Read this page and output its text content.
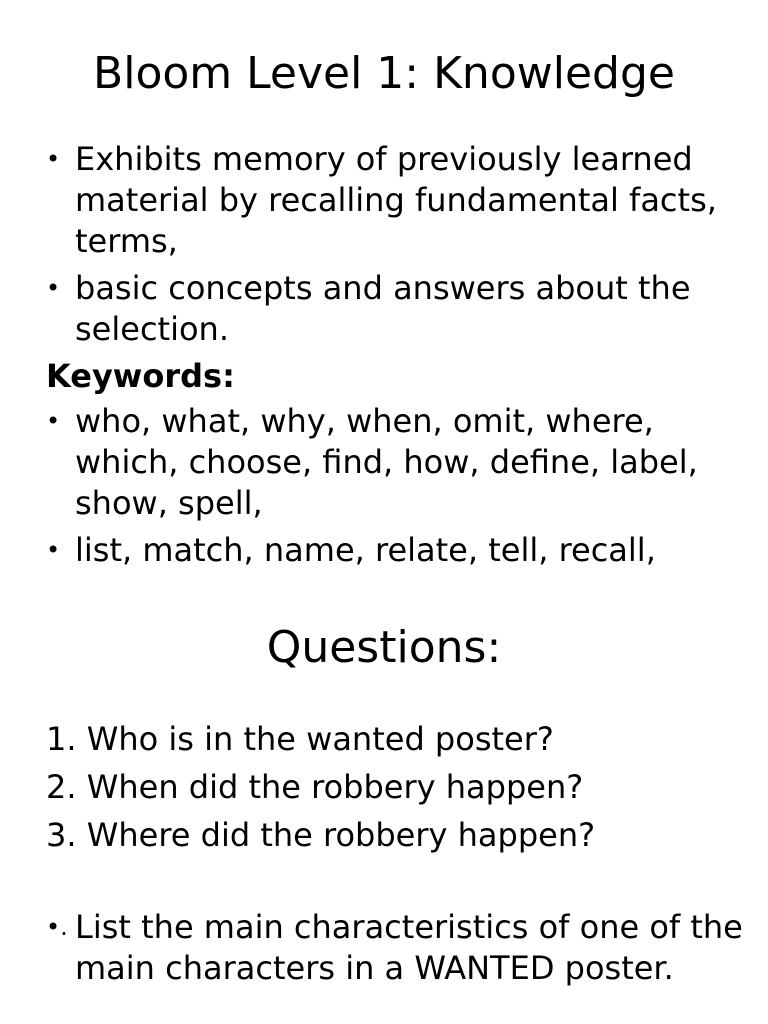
Bloom Level 1: Knowledge
• Exhibits memory of previously learned material by recalling fundamental facts, terms,
• basic concepts and answers about the selection.
Keywords:
• who, what, why, when, omit, where, which, choose, find, how, define, label, show, spell,
• list, match, name, relate, tell, recall,
Questions:
1. Who is in the wanted poster?
2. When did the robbery happen?
3. Where did the robbery happen?
•. List the main characteristics of one of the main characters in a WANTED poster.
